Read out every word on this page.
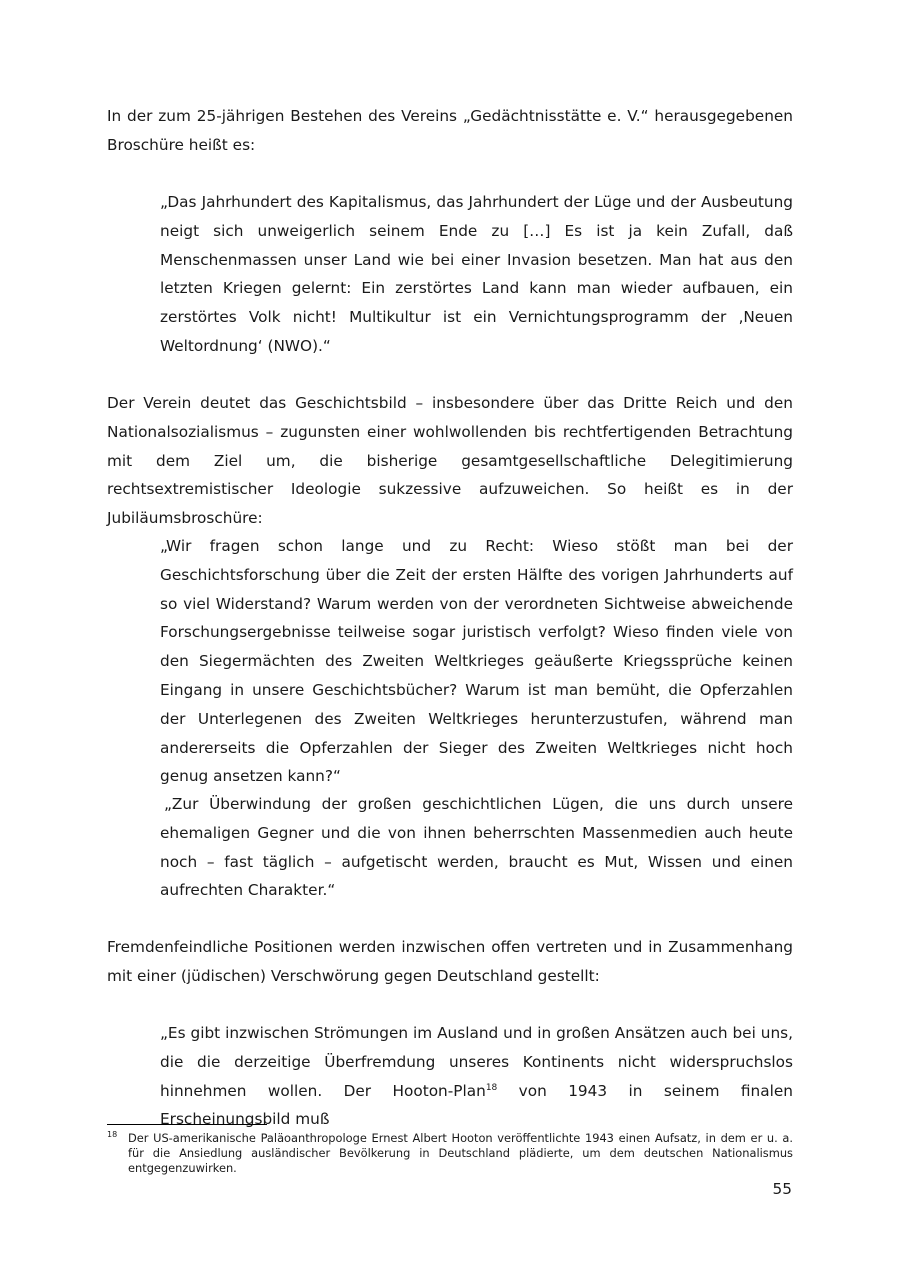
In der zum 25-jährigen Bestehen des Vereins „Gedächtnisstätte e. V.“ herausgegebenen Broschüre heißt es:

„Das Jahrhundert des Kapitalismus, das Jahrhundert der Lüge und der Ausbeutung neigt sich unweigerlich seinem Ende zu […] Es ist ja kein Zufall, daß Menschenmassen unser Land wie bei einer Invasion besetzen. Man hat aus den letzten Kriegen gelernt: Ein zerstörtes Land kann man wieder aufbauen, ein zerstörtes Volk nicht! Multikultur ist ein Vernichtungsprogramm der ‚Neuen Weltordnung‘ (NWO).“

Der Verein deutet das Geschichtsbild – insbesondere über das Dritte Reich und den Nationalsozialismus – zugunsten einer wohlwollenden bis rechtfertigenden Betrachtung mit dem Ziel um, die bisherige gesamtgesellschaftliche Delegitimierung rechtsextremistischer Ideologie sukzessive aufzuweichen. So heißt es in der Jubiläumsbroschüre:

„Wir fragen schon lange und zu Recht: Wieso stößt man bei der Geschichtsforschung über die Zeit der ersten Hälfte des vorigen Jahrhunderts auf so viel Widerstand? Warum werden von der verordneten Sichtweise abweichende Forschungsergebnisse teilweise sogar juristisch verfolgt? Wieso finden viele von den Siegermächten des Zweiten Weltkrieges geäußerte Kriegssprüche keinen Eingang in unsere Geschichtsbücher? Warum ist man bemüht, die Opferzahlen der Unterlegenen des Zweiten Weltkrieges herunterzustufen, während man andererseits die Opferzahlen der Sieger des Zweiten Weltkrieges nicht hoch genug ansetzen kann?“

„Zur Überwindung der großen geschichtlichen Lügen, die uns durch unsere ehemaligen Gegner und die von ihnen beherrschten Massenmedien auch heute noch – fast täglich – aufgetischt werden, braucht es Mut, Wissen und einen aufrechten Charakter.“

Fremdenfeindliche Positionen werden inzwischen offen vertreten und in Zusammenhang mit einer (jüdischen) Verschwörung gegen Deutschland gestellt:

„Es gibt inzwischen Strömungen im Ausland und in großen Ansätzen auch bei uns, die die derzeitige Überfremdung unseres Kontinents nicht widerspruchslos hinnehmen wollen. Der Hooton-Plan$^{18}$ von 1943 in seinem finalen Erscheinungsbild muß

18 Der US-amerikanische Paläoanthropologe Ernest Albert Hooton veröffentlichte 1943 einen Aufsatz, in dem er u. a. für die Ansiedlung ausländischer Bevölkerung in Deutschland plädierte, um dem deutschen Nationalismus entgegenzuwirken.

55
